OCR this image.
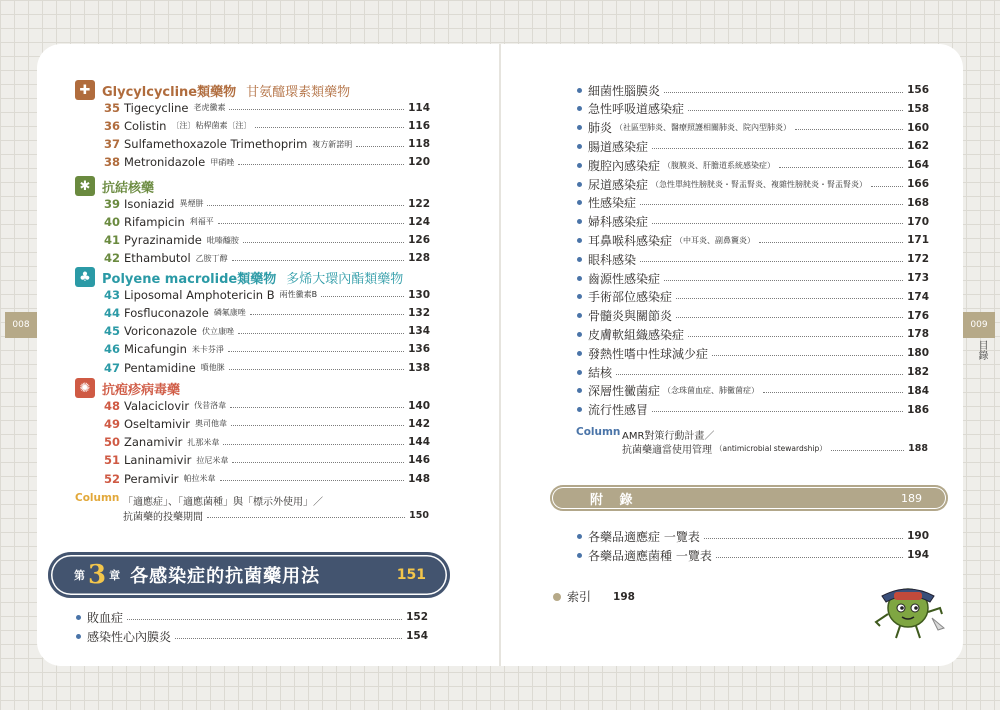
008	009
目錄
✚ Glycylcycline類藥物 甘氨醯環素類藥物
35 Tigecycline 老虎黴素	114
36 Colistin 〔注〕粘桿菌素〔注〕	116
37 Sulfamethoxazole Trimethoprim 複方新諾明	118
38 Metronidazole 甲硝唑	120
✱ 抗結核藥
39 Isoniazid 異煙肼	122
40 Rifampicin 利福平	124
41 Pyrazinamide 吡嗪醯胺	126
42 Ethambutol 乙胺丁醇	128
♣ Polyene macrolide類藥物 多烯大環內酯類藥物
43 Liposomal Amphotericin B 兩性黴素B	130
44 Fosfluconazole 磷氟康唑	132
45 Voriconazole 伏立康唑	134
46 Micafungin 米卡芬淨	136
47 Pentamidine 噴他脒	138
✺ 抗疱疹病毒藥
48 Valaciclovir 伐昔洛韋	140
49 Oseltamivir 奧司他韋	142
50 Zanamivir 扎那米韋	144
51 Laninamivir 拉尼米韋	146
52 Peramivir 帕拉米韋	148
Column 「適應症」、「適應菌種」與「標示外使用」／
抗菌藥的投藥期間	150
第 3 章 各感染症的抗菌藥用法	151
敗血症	152
感染性心內膜炎	154
細菌性腦膜炎	156
急性呼吸道感染症	158
肺炎 （社區型肺炎、醫療照護相關肺炎、院內型肺炎）	160
腸道感染症	162
腹腔內感染症 （腹膜炎、肝膽道系統感染症）	164
尿道感染症 （急性單純性膀胱炎・腎盂腎炎、複雜性膀胱炎・腎盂腎炎）	166
性感染症	168
婦科感染症	170
耳鼻喉科感染症 （中耳炎、副鼻竇炎）	171
眼科感染	172
齒源性感染症	173
手術部位感染症	174
骨髓炎與關節炎	176
皮膚軟組織感染症	178
發熱性嗜中性球減少症	180
結核	182
深層性黴菌症 （念珠菌血症、肺黴菌症）	184
流行性感冒	186
Column AMR對策行動計畫／
抗菌藥適當使用管理 （antimicrobial stewardship）	188
附 錄	189
各藥品適應症 一覽表	190
各藥品適應菌種 一覽表	194
索引 198
